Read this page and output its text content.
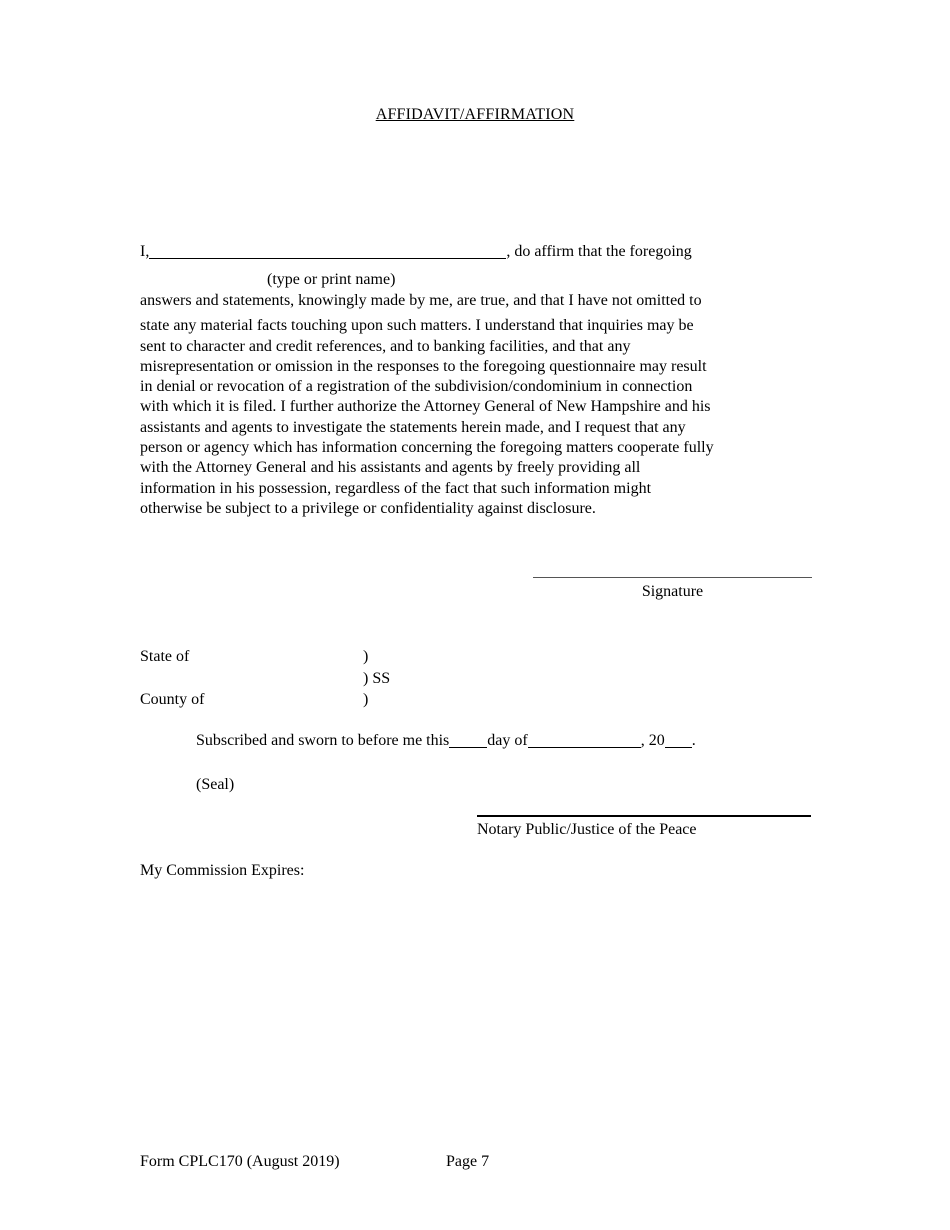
AFFIDAVIT/AFFIRMATION
I,	, do affirm that the foregoing
(type or print name)
answers and statements, knowingly made by me, are true, and that I have not omitted to
state any material facts touching upon such matters. I understand that inquiries may be
sent to character and credit references, and to banking facilities, and that any
misrepresentation or omission in the responses to the foregoing questionnaire may result
in denial or revocation of a registration of the subdivision/condominium in connection
with which it is filed. I further authorize the Attorney General of New Hampshire and his
assistants and agents to investigate the statements herein made, and I request that any
person or agency which has information concerning the foregoing matters cooperate fully
with the Attorney General and his assistants and agents by freely providing all
information in his possession, regardless of the fact that such information might
otherwise be subject to a privilege or confidentiality against disclosure.
Signature
State of	)
) SS
County of	)
Subscribed and sworn to before me this day of	, 20 .
(Seal)
Notary Public/Justice of the Peace
My Commission Expires:
Form CPLC170 (August 2019)	Page 7
